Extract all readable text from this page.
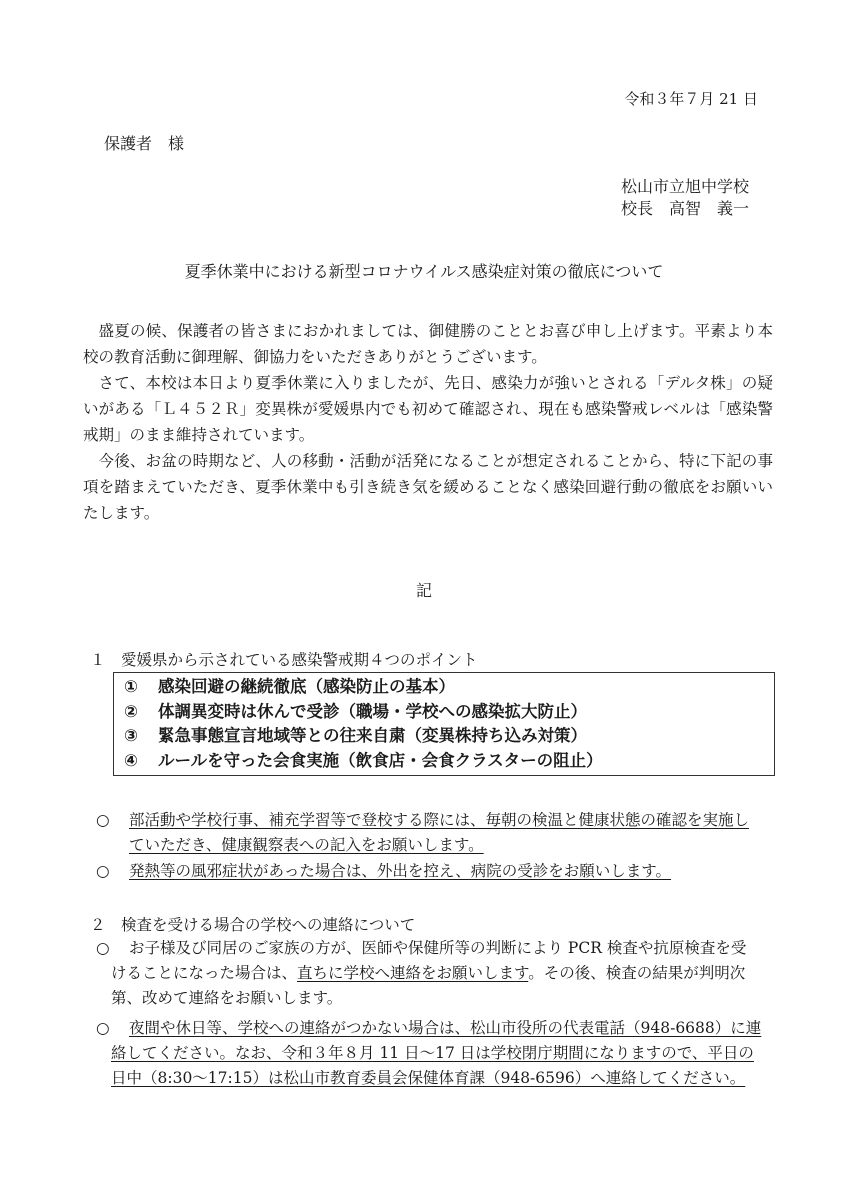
令和３年７月 21 日
保護者　様
松山市立旭中学校
校長　高智　義一
夏季休業中における新型コロナウイルス感染症対策の徹底について

盛夏の候、保護者の皆さまにおかれましては、御健勝のこととお喜び申し上げます。平素より本校の教育活動に御理解、御協力をいただきありがとうございます。

さて、本校は本日より夏季休業に入りましたが、先日、感染力が強いとされる「デルタ株」の疑いがある「Ｌ４５２Ｒ」変異株が愛媛県内でも初めて確認され、現在も感染警戒レベルは「感染警戒期」のまま維持されています。

今後、お盆の時期など、人の移動・活動が活発になることが想定されることから、特に下記の事項を踏まえていただき、夏季休業中も引き続き気を緩めることなく感染回避行動の徹底をお願いいたします。

記
１　愛媛県から示されている感染警戒期４つのポイント
① 感染回避の継続徹底（感染防止の基本）
② 体調異変時は休んで受診（職場・学校への感染拡大防止）
③ 緊急事態宣言地域等との往来自粛（変異株持ち込み対策）
④ ルールを守った会食実施（飲食店・会食クラスターの阻止）
○ 部活動や学校行事、補充学習等で登校する際には、毎朝の検温と健康状態の確認を実施し
ていただき、健康観察表への記入をお願いします。
○ 発熱等の風邪症状があった場合は、外出を控え、病院の受診をお願いします。
２　検査を受ける場合の学校への連絡について
○ お子様及び同居のご家族の方が、医師や保健所等の判断により PCR 検査や抗原検査を受
けることになった場合は、直ちに学校へ連絡をお願いします。その後、検査の結果が判明次
第、改めて連絡をお願いします。
○ 夜間や休日等、学校への連絡がつかない場合は、松山市役所の代表電話（948-6688）に連
絡してください。なお、令和３年８月 11 日～17 日は学校閉庁期間になりますので、平日の
日中（8:30～17:15）は松山市教育委員会保健体育課（948-6596）へ連絡してください。
